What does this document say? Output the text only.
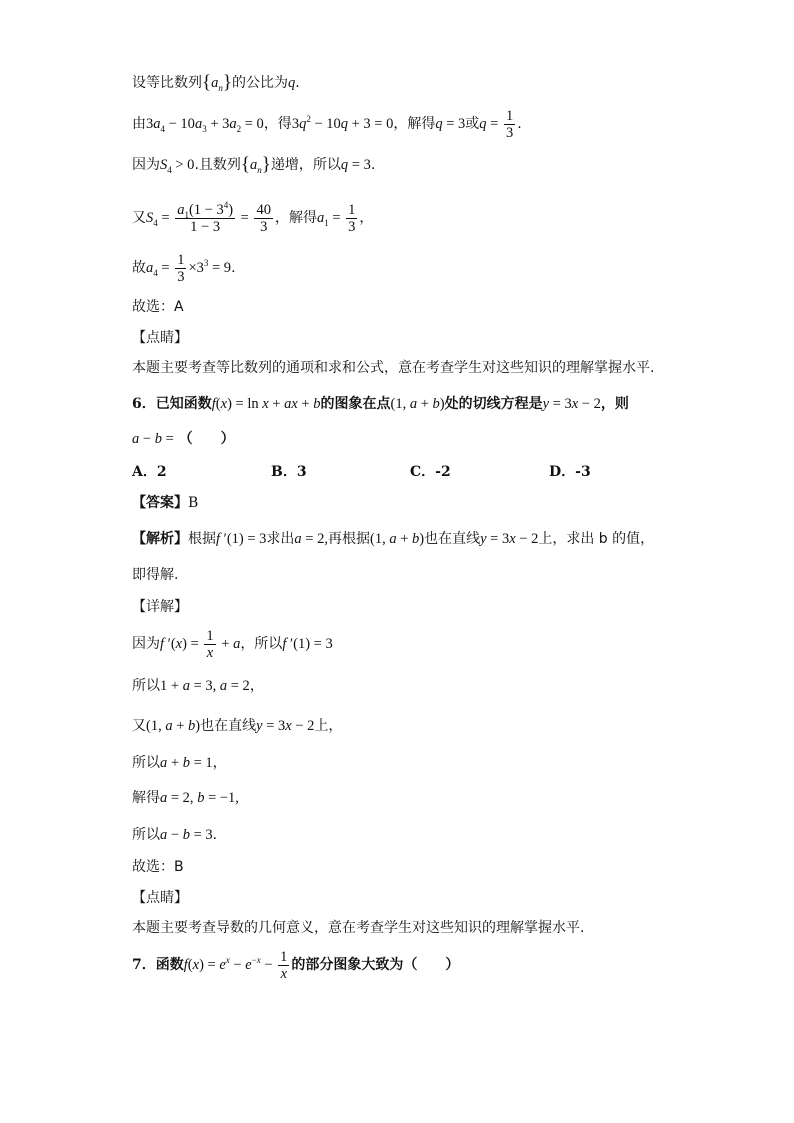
设等比数列$\{a_n\}$的公比为q.
由$3a_4 - 10a_3 + 3a_2 = 0$，得$3q^2 - 10q + 3 = 0$，解得q = 3或$q = \frac{1}{3}$ .
因为$S_4 > 0$.且数列$\{a_n\}$递增，所以q = 3.
又$S_4 = \frac{a_1(1 - 3^4)}{1 - 3} = \frac{40}{3}$ ，解得$a_1 = \frac{1}{3}$ ，
故$a_4 = \frac{1}{3} \times 3^3 = 9$.
故选：A
【点睛】
本题主要考查等比数列的通项和求和公式，意在考查学生对这些知识的理解掌握水平.
6．已知函数f(x) = ln x + ax + b的图象在点(1, a + b)处的切线方程是y = 3x − 2，则
a − b = （　　）
A．2	B．3	C．-2	D．-3
【答案】B
【解析】根据f ′(1) = 3求出a = 2,再根据(1, a + b)也在直线y = 3x − 2上，求出 b 的值，
即得解.
【详解】
因为f $'(x) = \frac{1}{x} + a$，所以f ′(1) = 3
所以1 + a = 3, a = 2，
又(1, a + b)也在直线y = 3x − 2上，
所以a + b = 1，
解得a = 2, b = −1,
所以a − b = 3.
故选：B
【点睛】
本题主要考查导数的几何意义，意在考查学生对这些知识的理解掌握水平.
7．函数$f(x) = e^x - e^{-x} - \frac{1}{x}$ 的部分图象大致为（　　）
